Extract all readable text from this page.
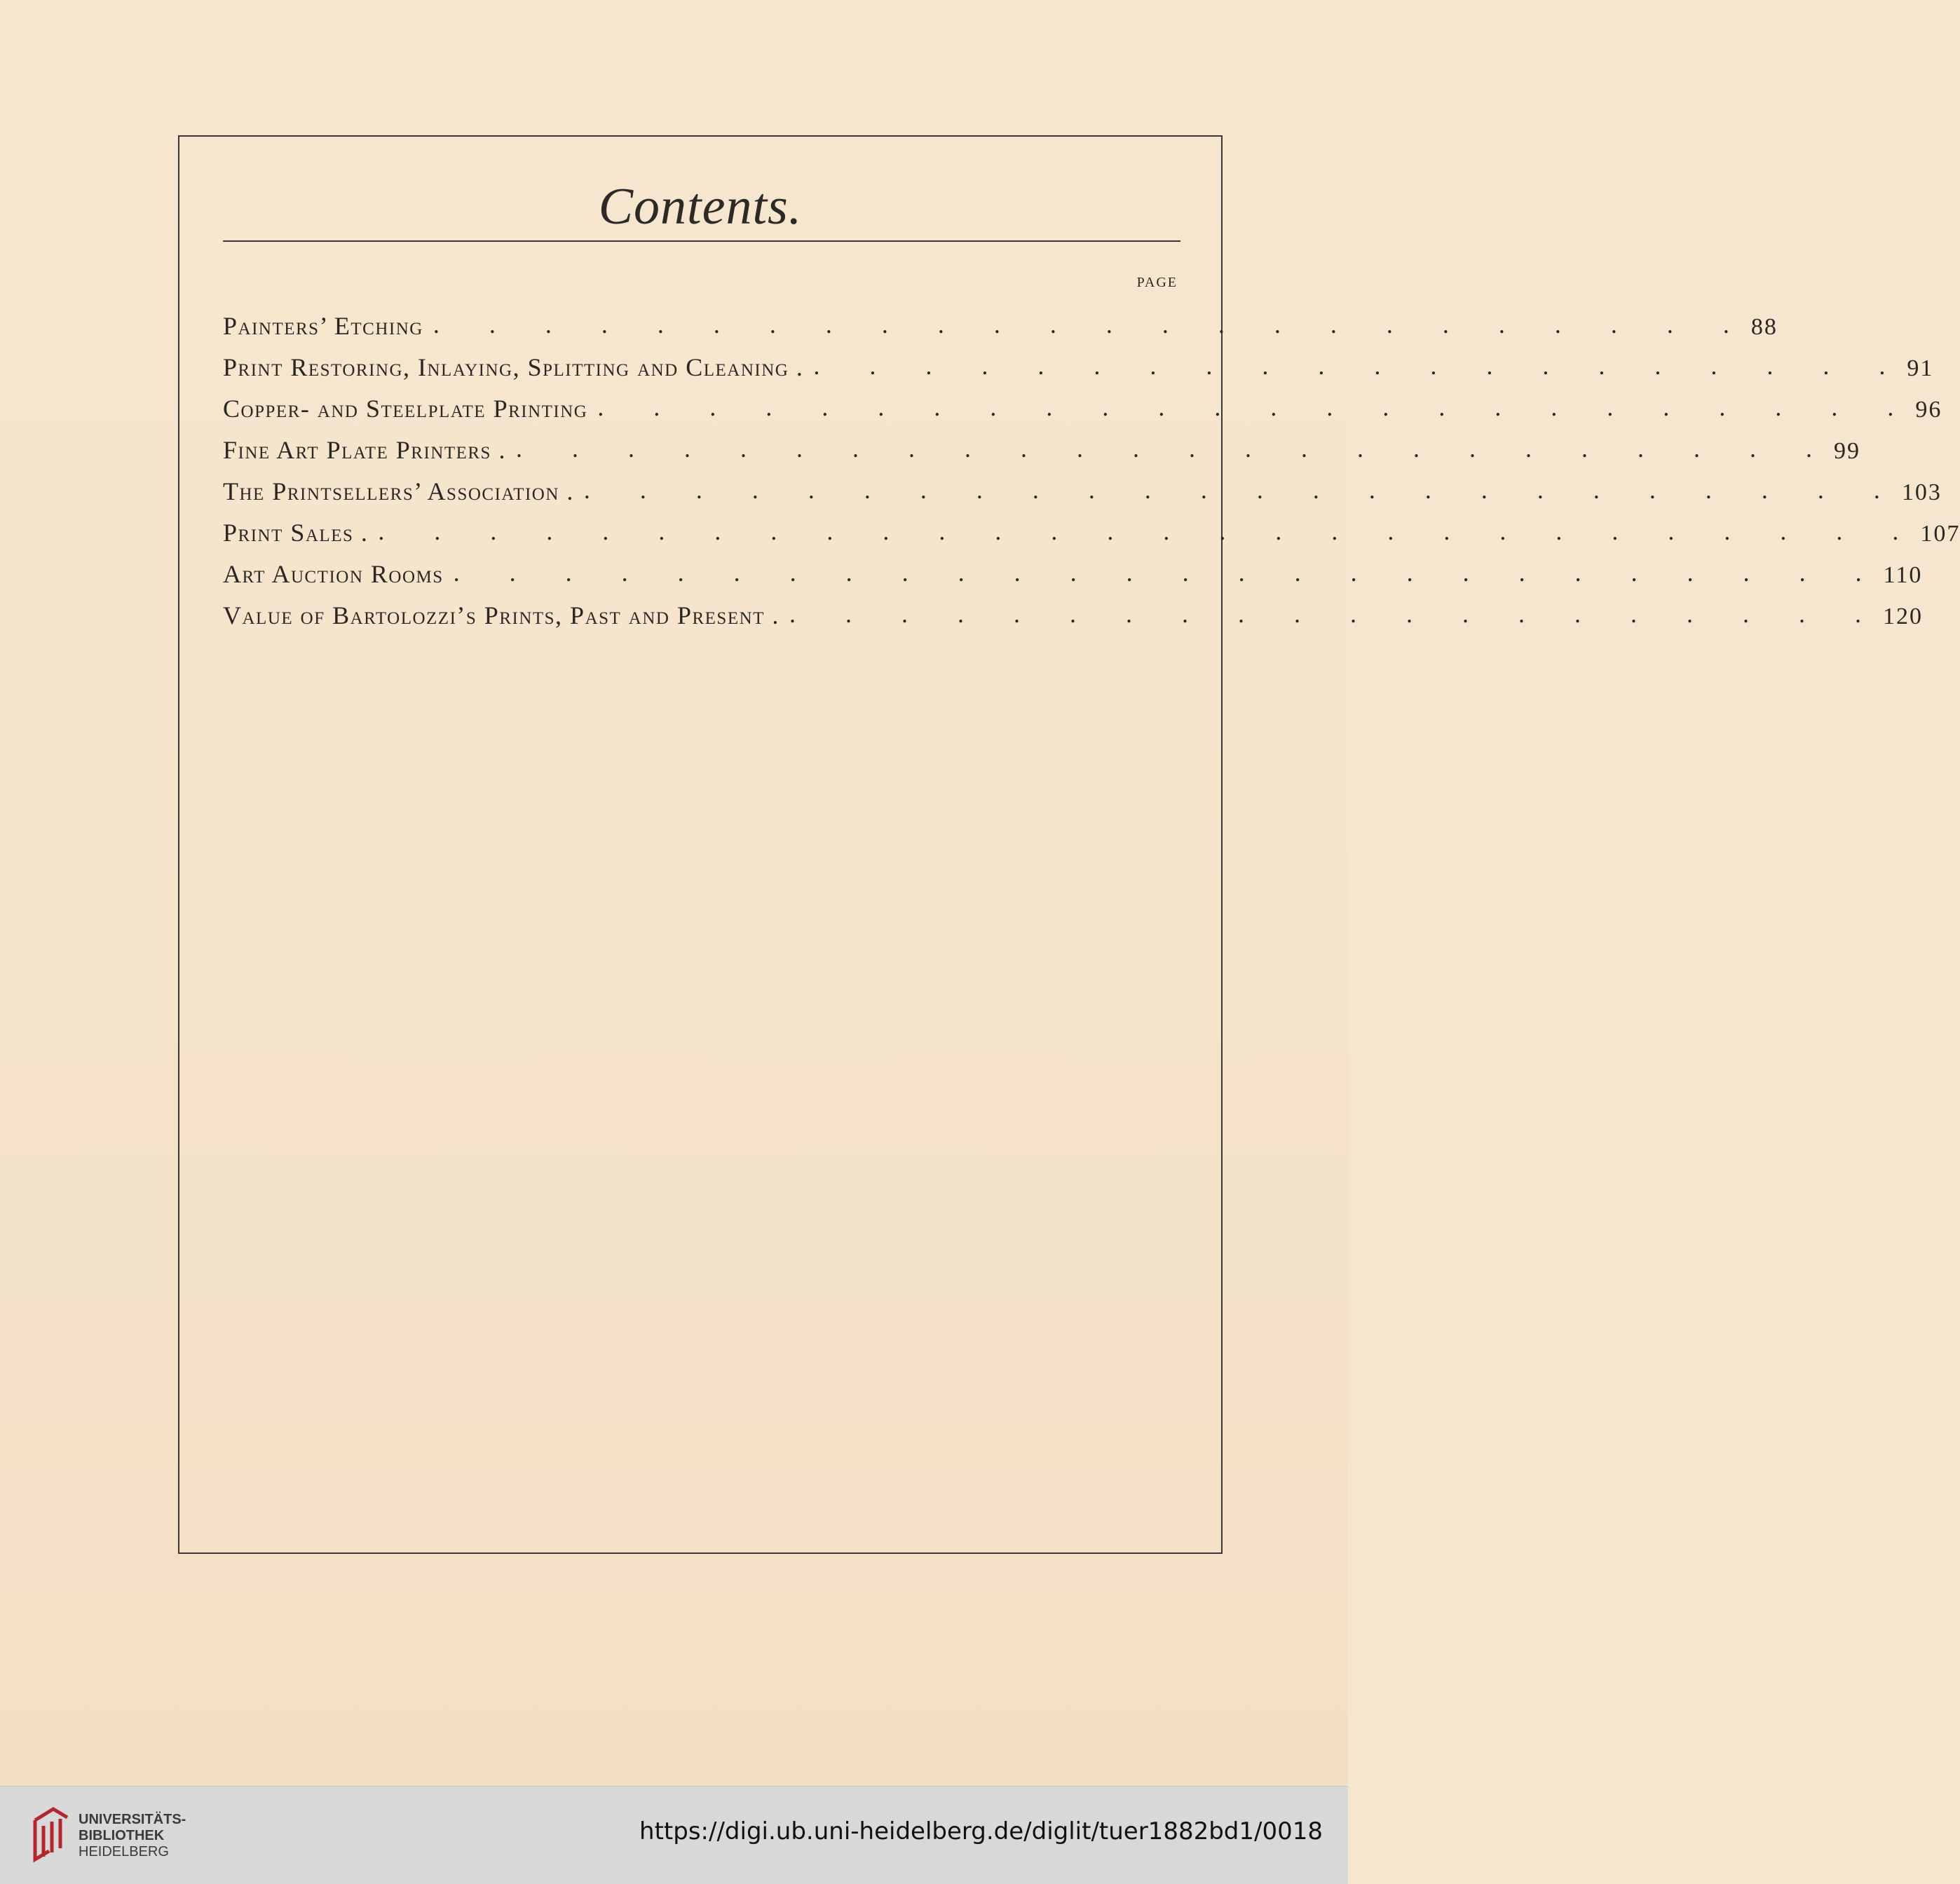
Contents.
page
Painters’ Etching . . . . . . . . . . . . . . . . . . . . . . . . 88
Print Restoring, Inlaying, Splitting and Cleaning . . . . . . . . . . . . . . . . . . . . . 91
Copper- and Steelplate Printing . . . . . . . . . . . . . . . . . . . . . . . . 96
Fine Art Plate Printers . . . . . . . . . . . . . . . . . . . . . . . . . 99
The Printsellers’ Association . . . . . . . . . . . . . . . . . . . . . . . . . 103
Print Sales . . . . . . . . . . . . . . . . . . . . . . . . . . . . . 107
Art Auction Rooms . . . . . . . . . . . . . . . . . . . . . . . . . . 110
Value of Bartolozzi’s Prints, Past and Present . . . . . . . . . . . . . . . . . . . . . 120
UNIVERSITÄTS-
BIBLIOTHEK
HEIDELBERG
https://digi.ub.uni-heidelberg.de/diglit/tuer1882bd1/0018
